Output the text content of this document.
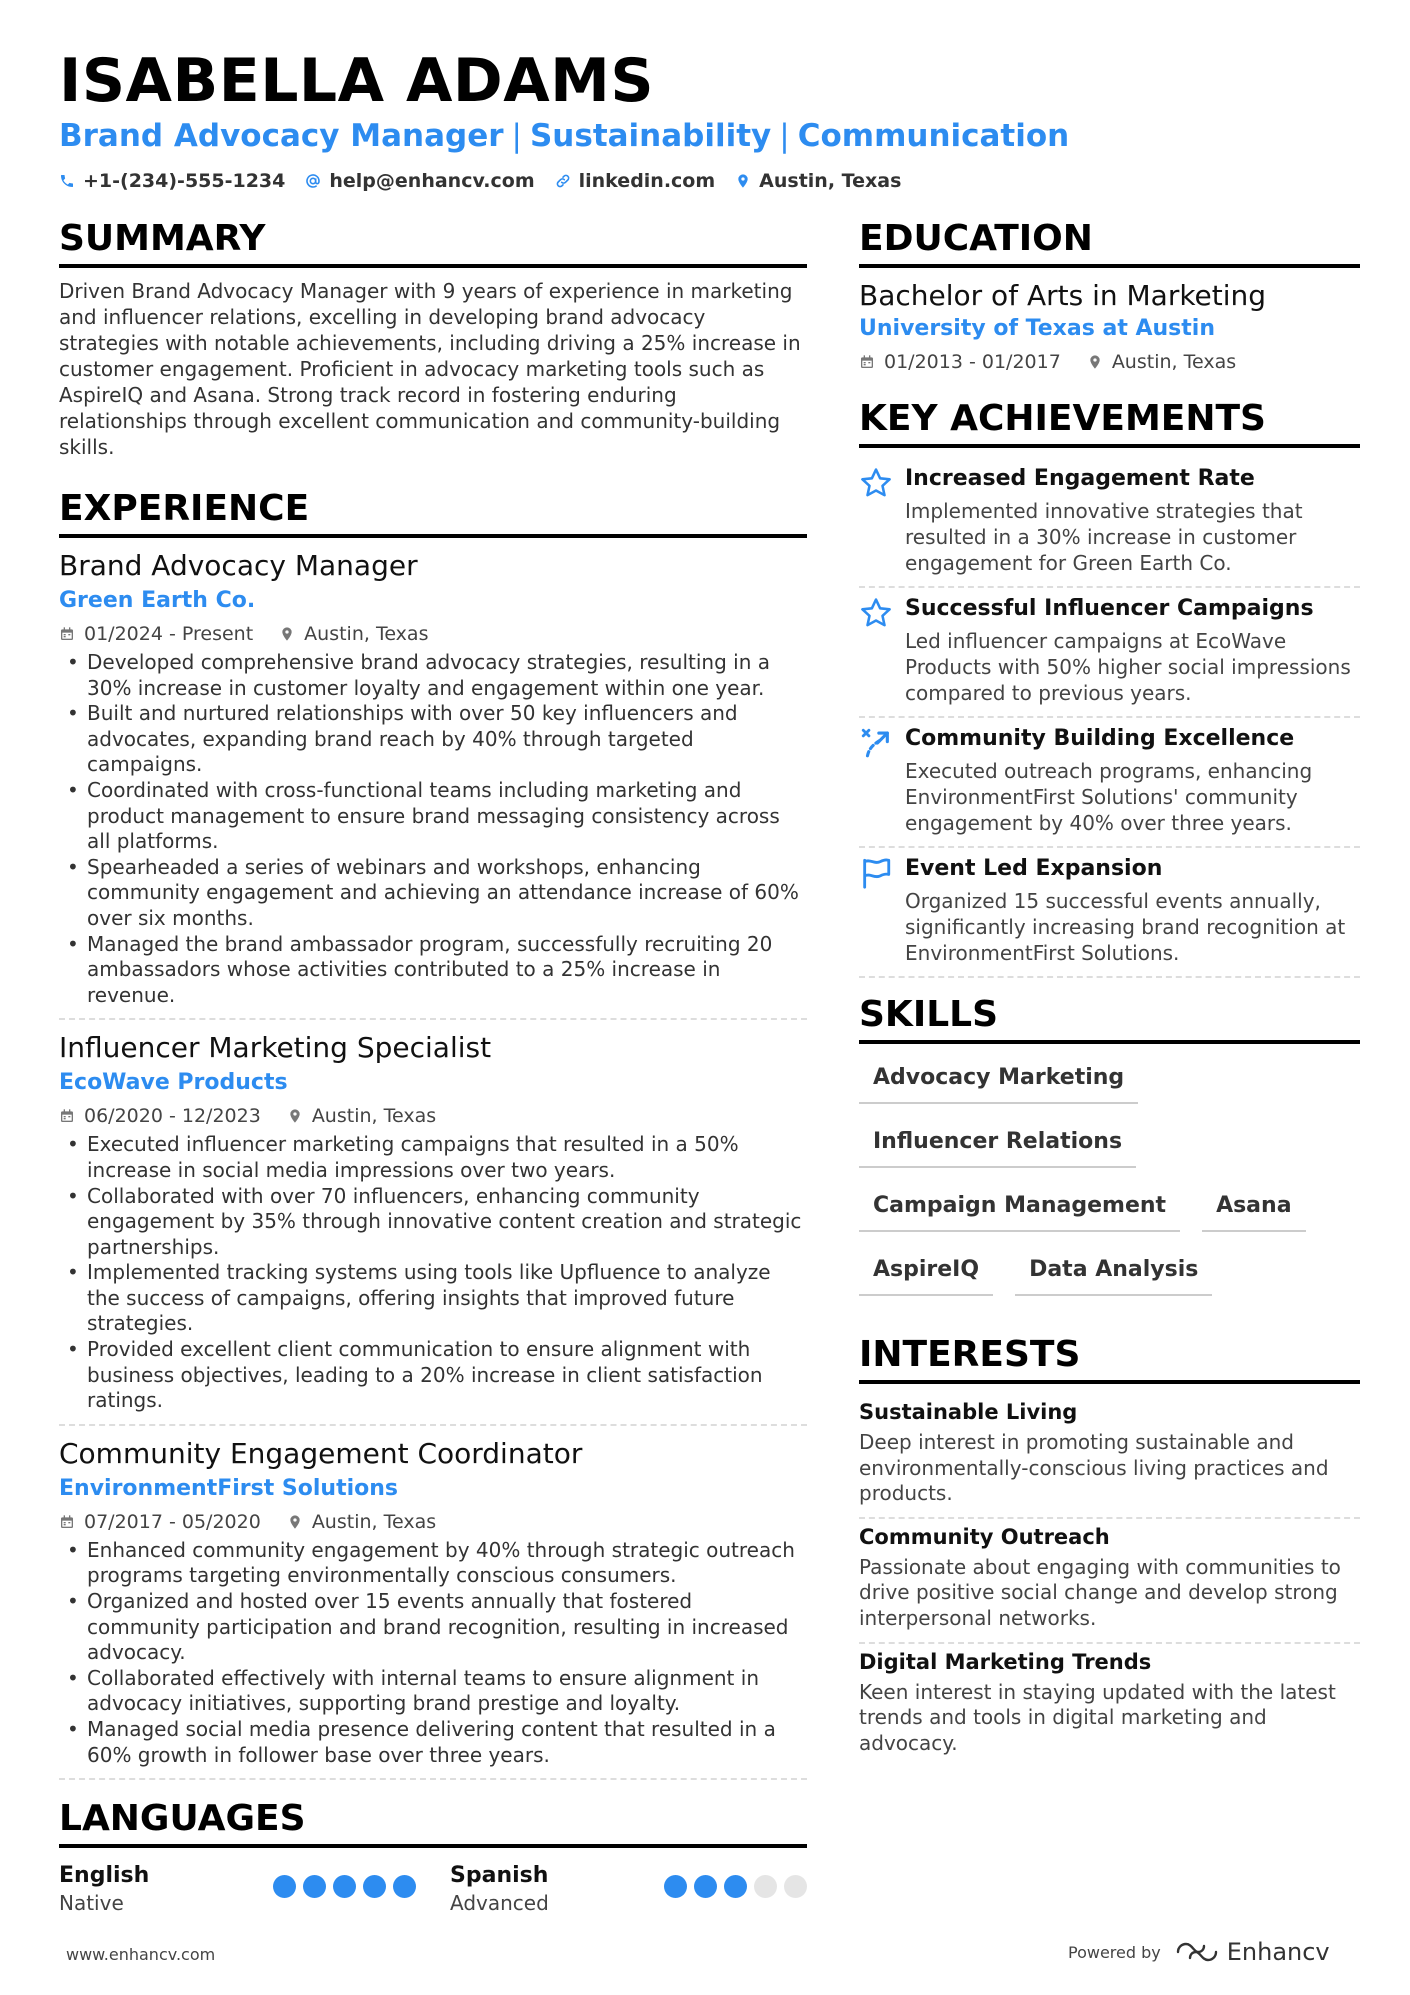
ISABELLA ADAMS
Brand Advocacy Manager | Sustainability | Communication
+1-(234)-555-1234 help@enhancv.com linkedin.com Austin, Texas
SUMMARY
Driven Brand Advocacy Manager with 9 years of experience in marketing and influencer relations, excelling in developing brand advocacy strategies with notable achievements, including driving a 25% increase in customer engagement. Proficient in advocacy marketing tools such as AspireIQ and Asana. Strong track record in fostering enduring relationships through excellent communication and community-building skills.
EXPERIENCE
Brand Advocacy Manager
Green Earth Co.
01/2024 - Present	Austin, Texas
• Developed comprehensive brand advocacy strategies, resulting in a 30% increase in customer loyalty and engagement within one year.
• Built and nurtured relationships with over 50 key influencers and advocates, expanding brand reach by 40% through targeted campaigns.
• Coordinated with cross-functional teams including marketing and product management to ensure brand messaging consistency across all platforms.
• Spearheaded a series of webinars and workshops, enhancing community engagement and achieving an attendance increase of 60% over six months.
• Managed the brand ambassador program, successfully recruiting 20 ambassadors whose activities contributed to a 25% increase in revenue.
Influencer Marketing Specialist
EcoWave Products
06/2020 - 12/2023	Austin, Texas
• Executed influencer marketing campaigns that resulted in a 50% increase in social media impressions over two years.
• Collaborated with over 70 influencers, enhancing community engagement by 35% through innovative content creation and strategic partnerships.
• Implemented tracking systems using tools like Upfluence to analyze the success of campaigns, offering insights that improved future strategies.
• Provided excellent client communication to ensure alignment with business objectives, leading to a 20% increase in client satisfaction ratings.
Community Engagement Coordinator
EnvironmentFirst Solutions
07/2017 - 05/2020	Austin, Texas
• Enhanced community engagement by 40% through strategic outreach programs targeting environmentally conscious consumers.
• Organized and hosted over 15 events annually that fostered community participation and brand recognition, resulting in increased advocacy.
• Collaborated effectively with internal teams to ensure alignment in advocacy initiatives, supporting brand prestige and loyalty.
• Managed social media presence delivering content that resulted in a 60% growth in follower base over three years.
LANGUAGES
English
Native
Spanish
Advanced
EDUCATION
Bachelor of Arts in Marketing
University of Texas at Austin
01/2013 - 01/2017	Austin, Texas
KEY ACHIEVEMENTS
Increased Engagement Rate
Implemented innovative strategies that resulted in a 30% increase in customer engagement for Green Earth Co.
Successful Influencer Campaigns
Led influencer campaigns at EcoWave Products with 50% higher social impressions compared to previous years.
Community Building Excellence
Executed outreach programs, enhancing EnvironmentFirst Solutions' community engagement by 40% over three years.
Event Led Expansion
Organized 15 successful events annually, significantly increasing brand recognition at EnvironmentFirst Solutions.
SKILLS
Advocacy Marketing
Influencer Relations
Campaign Management	Asana
AspireIQ	Data Analysis
INTERESTS
Sustainable Living
Deep interest in promoting sustainable and environmentally-conscious living practices and products.
Community Outreach
Passionate about engaging with communities to drive positive social change and develop strong interpersonal networks.
Digital Marketing Trends
Keen interest in staying updated with the latest trends and tools in digital marketing and advocacy.
www.enhancv.com	Powered by	Enhancv
